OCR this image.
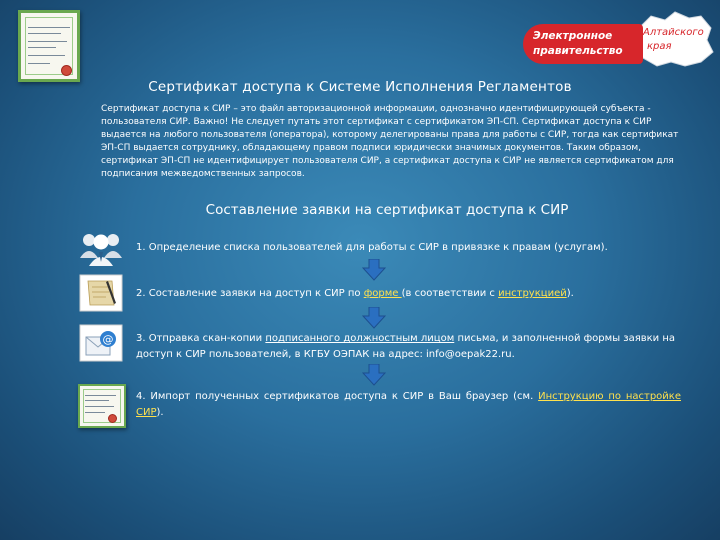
Алтайского
края
Электронное
правительство
Сертификат доступа к Системе Исполнения Регламентов
Сертификат доступа к СИР – это файл авторизационной информации, однозначно идентифицирующей субъекта - пользователя СИР. Важно! Не следует путать этот сертификат с сертификатом ЭП-СП. Сертификат доступа к СИР выдается на любого пользователя (оператора), которому делегированы права для работы с СИР, тогда как сертификат ЭП-СП выдается сотруднику, обладающему правом подписи юридически значимых документов. Таким образом, сертификат ЭП-СП не идентифицирует пользователя СИР, а сертификат доступа к СИР не является сертификатом для подписания межведомственных запросов.
Составление заявки на сертификат доступа к СИР
1. Определение списка пользователей для работы с СИР в привязке к правам (услугам).
2. Составление заявки на доступ к СИР по форме (в соответствии с инструкцией).
@ 3. Отправка скан-копии подписанного должностным лицом письма, и заполненной формы заявки на доступ к СИР пользователей, в КГБУ ОЭПАК на адрес: info@oepak22.ru.
4. Импорт полученных сертификатов доступа к СИР в Ваш браузер (см. Инструкцию по настройке СИР).
